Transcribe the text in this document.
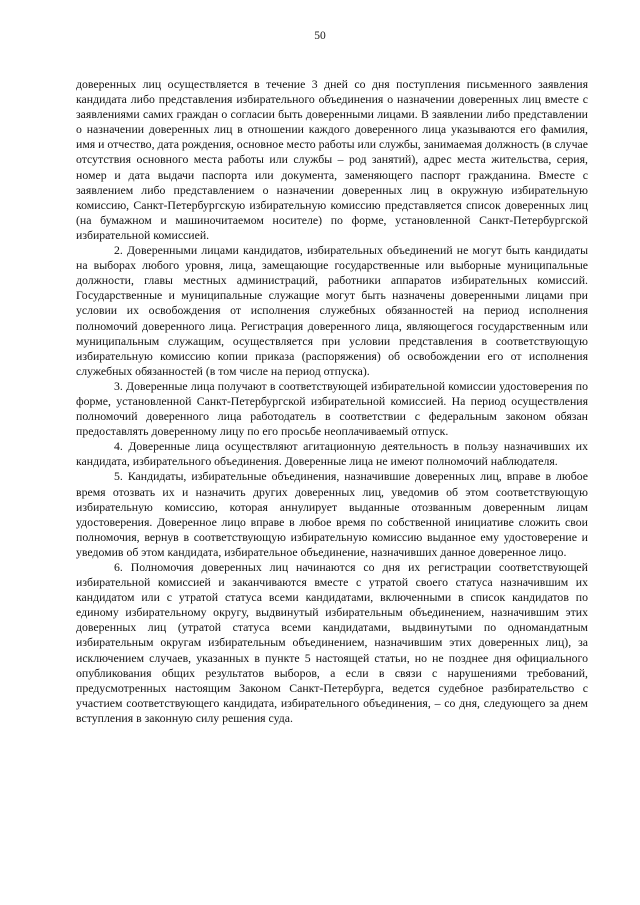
50

доверенных лиц осуществляется в течение 3 дней со дня поступления письменного заявления кандидата либо представления избирательного объединения о назначении доверенных лиц вместе с заявлениями самих граждан о согласии быть доверенными лицами. В заявлении либо представлении о назначении доверенных лиц в отношении каждого доверенного лица указываются его фамилия, имя и отчество, дата рождения, основное место работы или службы, занимаемая должность (в случае отсутствия основного места работы или службы – род занятий), адрес места жительства, серия, номер и дата выдачи паспорта или документа, заменяющего паспорт гражданина. Вместе с заявлением либо представлением о назначении доверенных лиц в окружную избирательную комиссию, Санкт-Петербургскую избирательную комиссию представляется список доверенных лиц (на бумажном и машиночитаемом носителе) по форме, установленной Санкт-Петербургской избирательной комиссией.

2. Доверенными лицами кандидатов, избирательных объединений не могут быть кандидаты на выборах любого уровня, лица, замещающие государственные или выборные муниципальные должности, главы местных администраций, работники аппаратов избирательных комиссий. Государственные и муниципальные служащие могут быть назначены доверенными лицами при условии их освобождения от исполнения служебных обязанностей на период исполнения полномочий доверенного лица. Регистрация доверенного лица, являющегося государственным или муниципальным служащим, осуществляется при условии представления в соответствующую избирательную комиссию копии приказа (распоряжения) об освобождении его от исполнения служебных обязанностей (в том числе на период отпуска).

3. Доверенные лица получают в соответствующей избирательной комиссии удостоверения по форме, установленной Санкт-Петербургской избирательной комиссией. На период осуществления полномочий доверенного лица работодатель в соответствии с федеральным законом обязан предоставлять доверенному лицу по его просьбе неоплачиваемый отпуск.

4. Доверенные лица осуществляют агитационную деятельность в пользу назначивших их кандидата, избирательного объединения. Доверенные лица не имеют полномочий наблюдателя.

5. Кандидаты, избирательные объединения, назначившие доверенных лиц, вправе в любое время отозвать их и назначить других доверенных лиц, уведомив об этом соответствующую избирательную комиссию, которая аннулирует выданные отозванным доверенным лицам удостоверения. Доверенное лицо вправе в любое время по собственной инициативе сложить свои полномочия, вернув в соответствующую избирательную комиссию выданное ему удостоверение и уведомив об этом кандидата, избирательное объединение, назначивших данное доверенное лицо.

6. Полномочия доверенных лиц начинаются со дня их регистрации соответствующей избирательной комиссией и заканчиваются вместе с утратой своего статуса назначившим их кандидатом или с утратой статуса всеми кандидатами, включенными в список кандидатов по единому избирательному округу, выдвинутый избирательным объединением, назначившим этих доверенных лиц (утратой статуса всеми кандидатами, выдвинутыми по одномандатным избирательным округам избирательным объединением, назначившим этих доверенных лиц), за исключением случаев, указанных в пункте 5 настоящей статьи, но не позднее дня официального опубликования общих результатов выборов, а если в связи с нарушениями требований, предусмотренных настоящим Законом Санкт-Петербурга, ведется судебное разбирательство с участием соответствующего кандидата, избирательного объединения, – со дня, следующего за днем вступления в законную силу решения суда.
